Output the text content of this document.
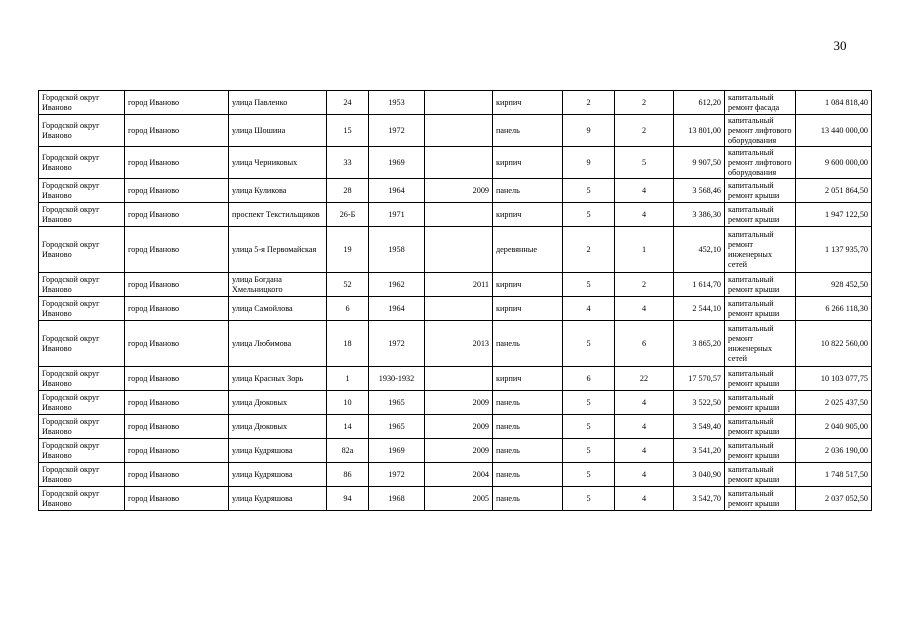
30
Городской округ Иваново	город Иваново	улица Павленко	24	1953		кирпич	2	2	612,20	капитальный ремонт фасада	1 084 818,40
Городской округ Иваново	город Иваново	улица Шошина	15	1972		панель	9	2	13 801,00	капитальный ремонт лифтового оборудования	13 440 000,00
Городской округ Иваново	город Иваново	улица Черниковых	33	1969		кирпич	9	5	9 907,50	капитальный ремонт лифтового оборудования	9 600 000,00
Городской округ Иваново	город Иваново	улица Куликова	28	1964	2009	панель	5	4	3 568,46	капитальный ремонт крыши	2 051 864,50
Городской округ Иваново	город Иваново	проспект Текстильщиков	26-Б	1971		кирпич	5	4	3 386,30	капитальный ремонт крыши	1 947 122,50
Городской округ Иваново	город Иваново	улица 5-я Первомайская	19	1958		деревянные	2	1	452,10	капитальный ремонт инженерных сетей	1 137 935,70
Городской округ Иваново	город Иваново	улица Богдана Хмельницкого	52	1962	2011	кирпич	5	2	1 614,70	капитальный ремонт крыши	928 452,50
Городской округ Иваново	город Иваново	улица Самойлова	6	1964		кирпич	4	4	2 544,10	капитальный ремонт крыши	6 266 118,30
Городской округ Иваново	город Иваново	улица Любимова	18	1972	2013	панель	5	6	3 865,20	капитальный ремонт инженерных сетей	10 822 560,00
Городской округ Иваново	город Иваново	улица Красных Зорь	1	1930-1932		кирпич	6	22	17 570,57	капитальный ремонт крыши	10 103 077,75
Городской округ Иваново	город Иваново	улица Дюковых	10	1965	2009	панель	5	4	3 522,50	капитальный ремонт крыши	2 025 437,50
Городской округ Иваново	город Иваново	улица Дюковых	14	1965	2009	панель	5	4	3 549,40	капитальный ремонт крыши	2 040 905,00
Городской округ Иваново	город Иваново	улица Кудряшова	82а	1969	2009	панель	5	4	3 541,20	капитальный ремонт крыши	2 036 190,00
Городской округ Иваново	город Иваново	улица Кудряшова	86	1972	2004	панель	5	4	3 040,90	капитальный ремонт крыши	1 748 517,50
Городской округ Иваново	город Иваново	улица Кудряшова	94	1968	2005	панель	5	4	3 542,70	капитальный ремонт крыши	2 037 052,50
